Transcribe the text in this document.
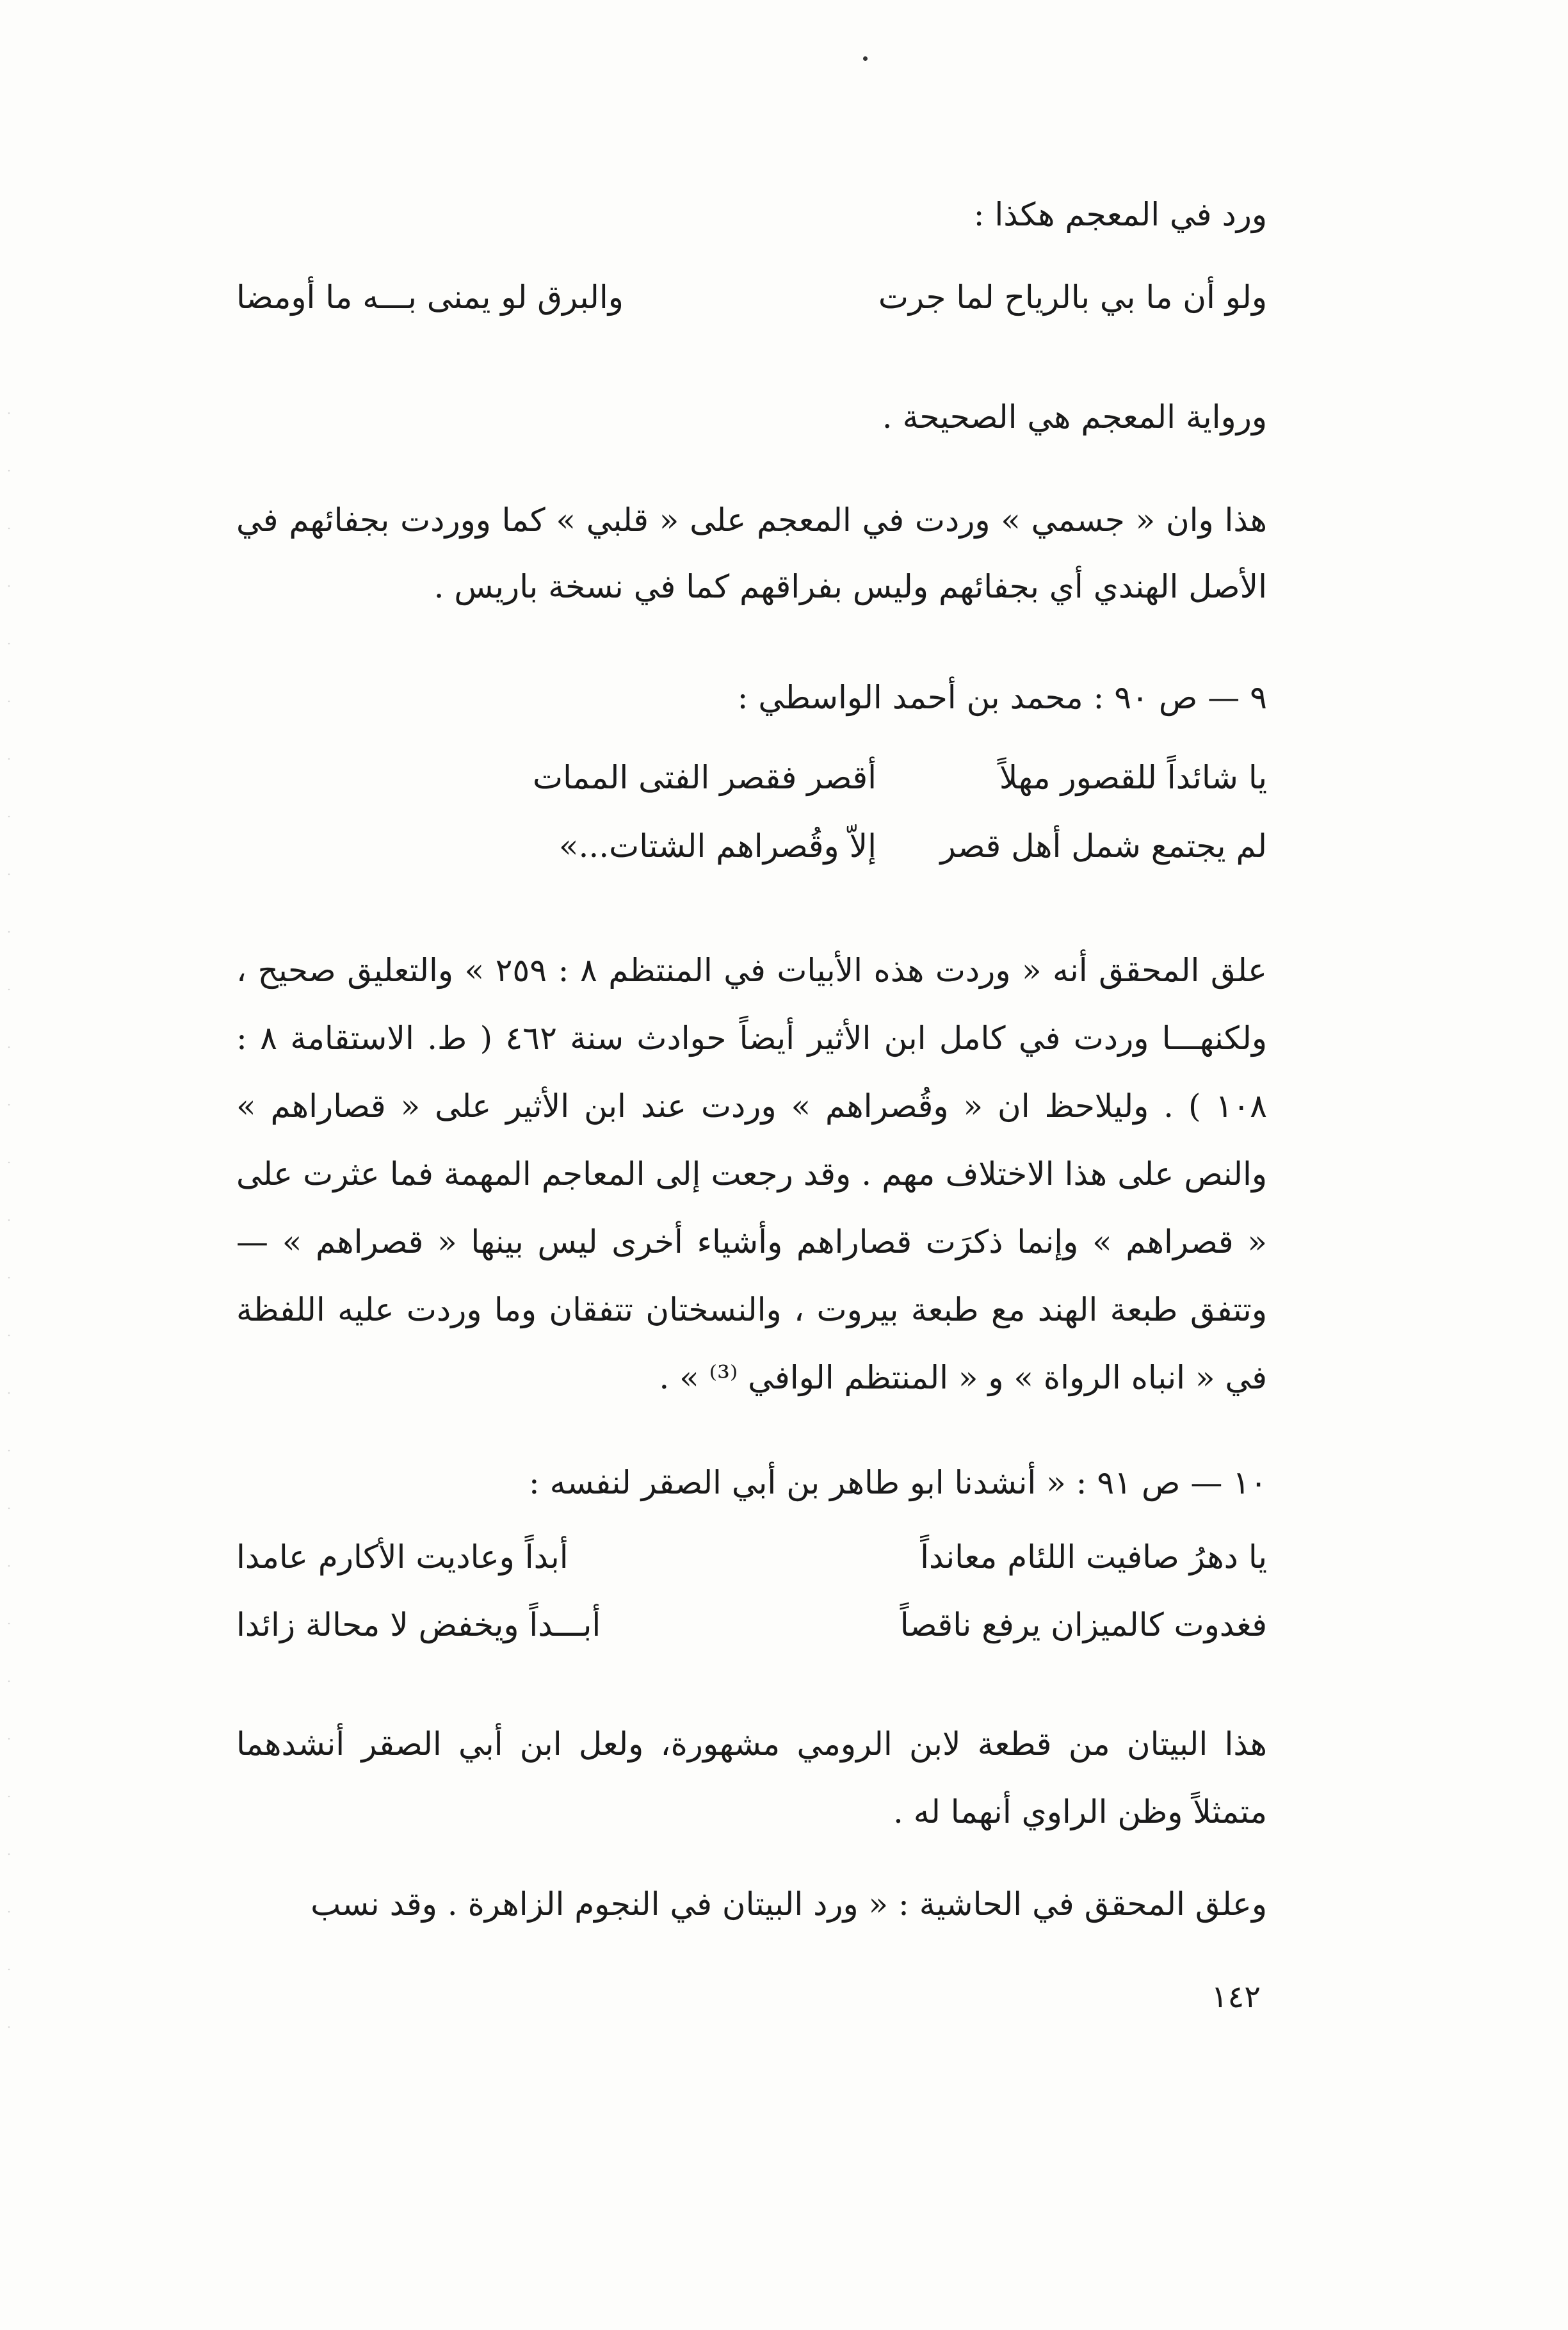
ورد في المعجم هكذا :
ولو أن ما بي بالرياح لما جرت
والبرق لو يمنى بـــه ما أومضا
ورواية المعجم هي الصحيحة .
هذا وان « جسمي » وردت في المعجم على « قلبي » كما ووردت بجفائهم في الأصل الهندي أي بجفائهم وليس بفراقهم كما في نسخة باريس .
٩ — ص ٩٠ : محمد بن أحمد الواسطي :
يا شائداً للقصور مهلاً
أقصر فقصر الفتى الممات
لم يجتمع شمل أهل قصر
إلاّ وقُصراهم الشتات...»
علق المحقق أنه « وردت هذه الأبيات في المنتظم ٨ : ٢٥٩ » والتعليق صحيح ، ولكنهـــا وردت في كامل ابن الأثير أيضاً حوادث سنة ٤٦٢ ( ط. الاستقامة ٨ : ١٠٨ ) . وليلاحظ ان « وقُصراهم » وردت عند ابن الأثير على « قصاراهم » والنص على هذا الاختلاف مهم . وقد رجعت إلى المعاجم المهمة فما عثرت على « قصراهم » وإنما ذكرَت قصاراهم وأشياء أخرى ليس بينها « قصراهم » — وتتفق طبعة الهند مع طبعة بيروت ، والنسختان تتفقان وما وردت عليه اللفظة في « انباه الرواة » و « المنتظم الوافي ⁽³⁾ » .
١٠ — ص ٩١ : « أنشدنا ابو طاهر بن أبي الصقر لنفسه :
يا دهرُ صافيت اللئام معانداً
أبداً وعاديت الأكارم عامدا
فغدوت كالميزان يرفع ناقصاً
أبـــداً ويخفض لا محالة زائدا
هذا البيتان من قطعة لابن الرومي مشهورة، ولعل ابن أبي الصقر أنشدهما متمثلاً وظن الراوي أنهما له .
وعلق المحقق في الحاشية : « ورد البيتان في النجوم الزاهرة . وقد نسب
١٤٢
